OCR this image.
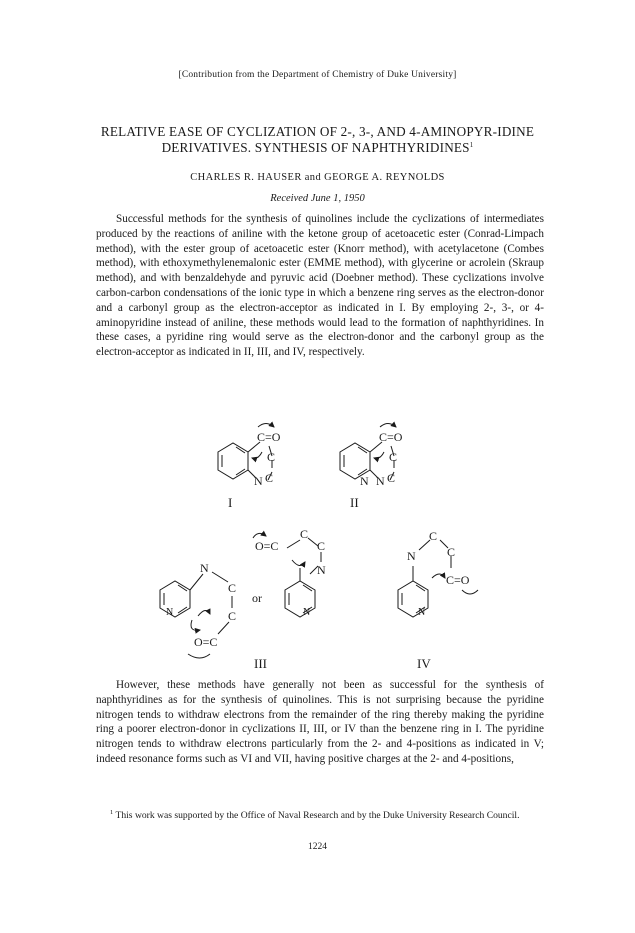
[Contribution from the Department of Chemistry of Duke University]
RELATIVE EASE OF CYCLIZATION OF 2-, 3-, AND 4-AMINOPYR-IDINE DERIVATIVES. SYNTHESIS OF NAPHTHYRIDINES$^1$
CHARLES R. HAUSER and GEORGE A. REYNOLDS
Received June 1, 1950
Successful methods for the synthesis of quinolines include the cyclizations of intermediates produced by the reactions of aniline with the ketone group of acetoacetic ester (Conrad-Limpach method), with the ester group of acetoacetic ester (Knorr method), with acetylacetone (Combes method), with ethoxymethylenemalonic ester (EMME method), with glycerine or acrolein (Skraup method), and with benzaldehyde and pyruvic acid (Doebner method). These cyclizations involve carbon-carbon condensations of the ionic type in which a benzene ring serves as the electron-donor and a carbonyl group as the electron-acceptor as indicated in I. By employing 2-, 3-, or 4-aminopyridine instead of aniline, these methods would lead to the formation of naphthyridines. In these cases, a pyridine ring would serve as the electron-donor and the carbonyl group as the electron-acceptor as indicated in II, III, and IV, respectively.
C=O
C
N C
I
C=O
C
N N C
II
N
C
C
N
O=C
or
O=C
C
C
N
N
III
N
C
C
C=O
N
IV
However, these methods have generally not been as successful for the synthesis of naphthyridines as for the synthesis of quinolines. This is not surprising because the pyridine nitrogen tends to withdraw electrons from the remainder of the ring thereby making the pyridine ring a poorer electron-donor in cyclizations II, III, or IV than the benzene ring in I. The pyridine nitrogen tends to withdraw electrons particularly from the 2- and 4-positions as indicated in V; indeed resonance forms such as VI and VII, having positive charges at the 2- and 4-positions,
$^1$ This work was supported by the Office of Naval Research and by the Duke University Research Council.
1224
